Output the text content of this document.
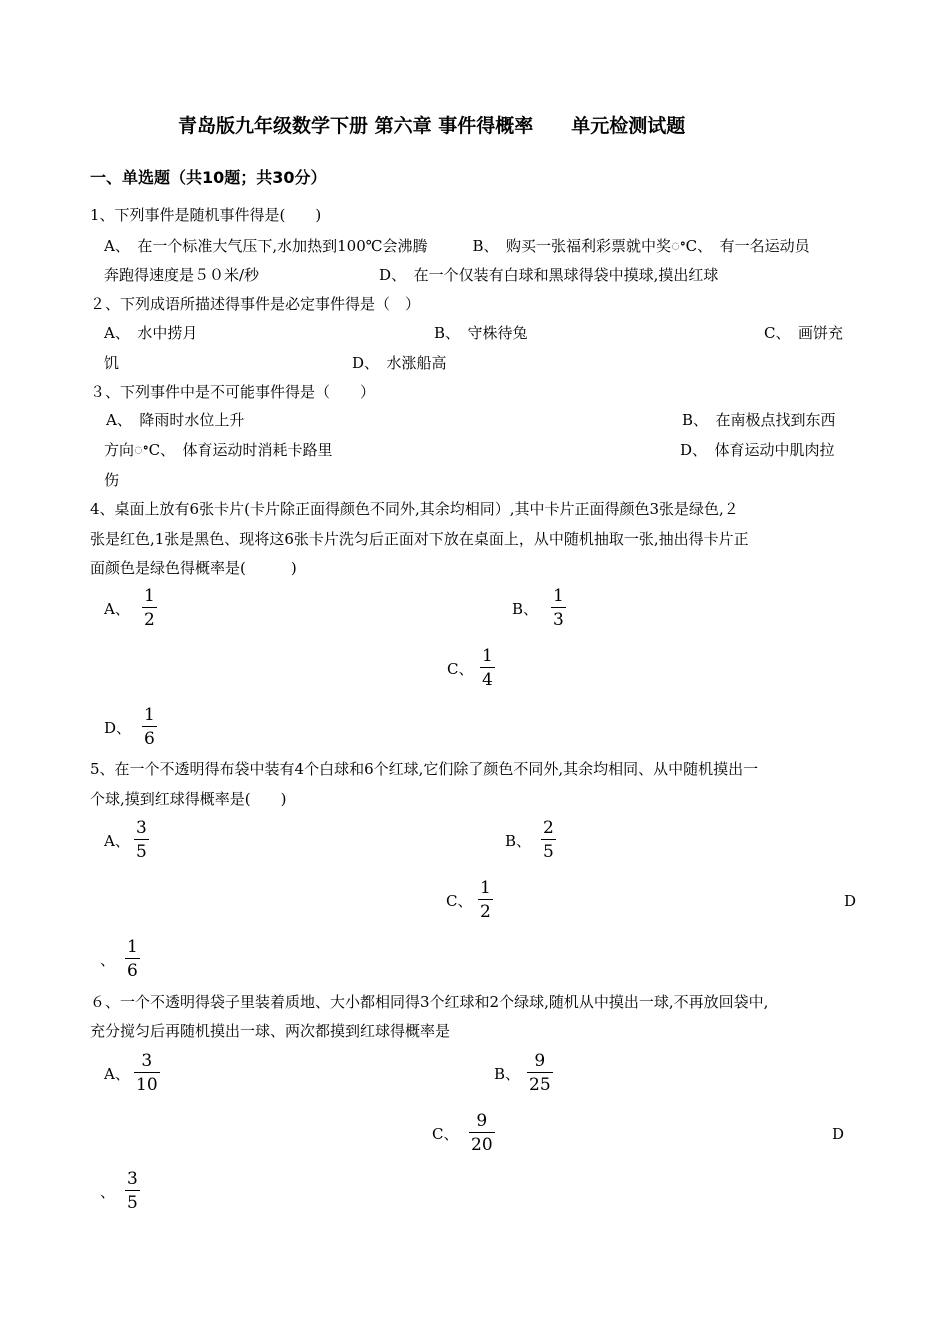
青岛版九年级数学下册 第六章 事件得概率　　单元检测试题
一、单选题（共10题；共30分）
1、下列事件是随机事件得是(　　)
A、　在一个标准大气压下,水加热到100℃会沸腾　　　B、　购买一张福利彩票就中奖ꢀC、　有一名运动员
奔跑得速度是５０米/秒　　　　　　　　D、　在一个仅装有白球和黑球得袋中摸球,摸出红球
２、下列成语所描述得事件是必定事件得是（　）
A、　水中捞月	B、　守株待兔	C、　画饼充
饥	D、　水涨船高
３、下列事件中是不可能事件得是（　　）
A、　降雨时水位上升	B、　在南极点找到东西
方向ꢀC、　体育运动时消耗卡路里	D、　体育运动中肌肉拉
伤
4、桌面上放有6张卡片(卡片除正面得颜色不同外,其余均相同）,其中卡片正面得颜色3张是绿色,２
张是红色,1张是黑色、现将这6张卡片洗匀后正面对下放在桌面上，从中随机抽取一张,抽出得卡片正
面颜色是绿色得概率是(　　　)
A、
1
2
B、
1
3
C、
1
4
D、
1
6
5、在一个不透明得布袋中装有4个白球和6个红球,它们除了颜色不同外,其余均相同、从中随机摸出一
个球,摸到红球得概率是(　　)
A、
3
5
B、
2
5
C、
1
2
D
、
1
6
６、一个不透明得袋子里装着质地、大小都相同得3个红球和2个绿球,随机从中摸出一球,不再放回袋中,
充分搅匀后再随机摸出一球、两次都摸到红球得概率是
A、
3
10
B、
9
25
C、
9
20
D
、
3
5
